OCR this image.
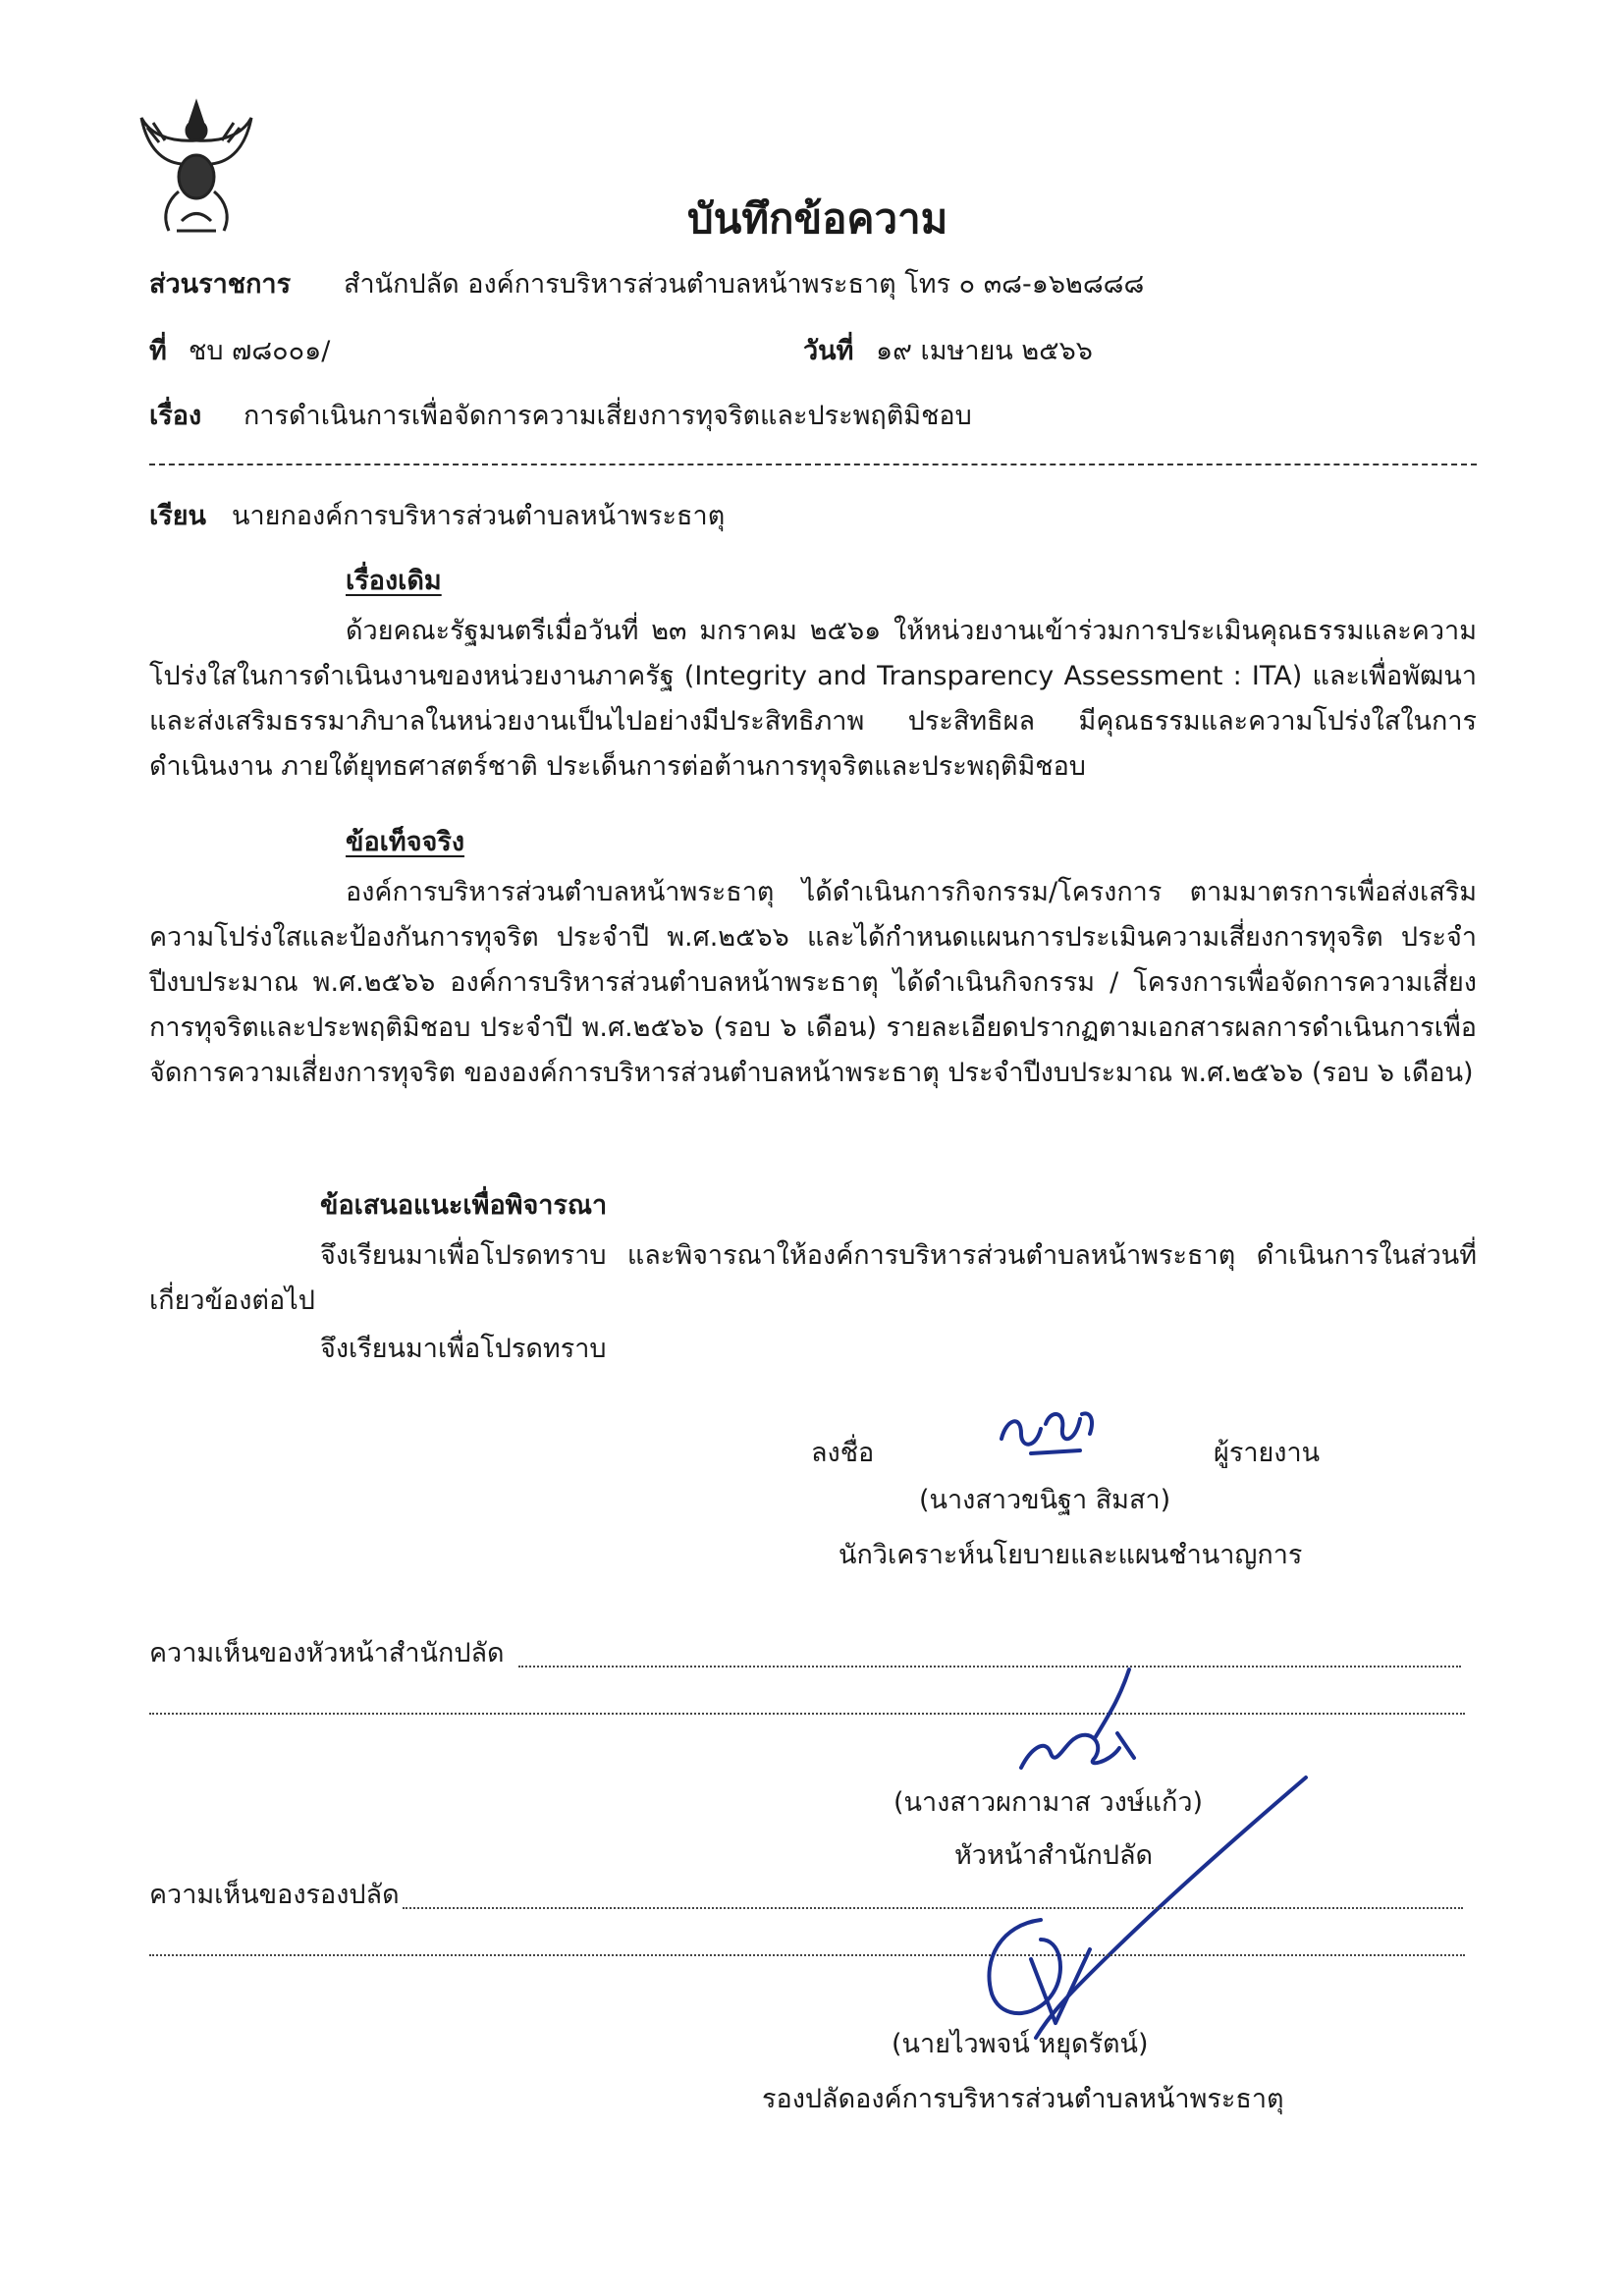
บันทึกข้อความ
ส่วนราชการ สำนักปลัด องค์การบริหารส่วนตำบลหน้าพระธาตุ โทร ๐ ๓๘-๑๖๒๘๘๘
ที่ ชบ ๗๘๐๐๑/	วันที่ ๑๙ เมษายน ๒๕๖๖
เรื่อง การดำเนินการเพื่อจัดการความเสี่ยงการทุจริตและประพฤติมิชอบ
เรียน นายกองค์การบริหารส่วนตำบลหน้าพระธาตุ
เรื่องเดิม

ด้วยคณะรัฐมนตรีเมื่อวันที่ ๒๓ มกราคม ๒๕๖๑ ให้หน่วยงานเข้าร่วมการประเมินคุณธรรมและความโปร่งใสในการดำเนินงานของหน่วยงานภาครัฐ (Integrity and Transparency Assessment : ITA) และเพื่อพัฒนาและส่งเสริมธรรมาภิบาลในหน่วยงานเป็นไปอย่างมีประสิทธิภาพ ประสิทธิผล มีคุณธรรมและความโปร่งใสในการดำเนินงาน ภายใต้ยุทธศาสตร์ชาติ ประเด็นการต่อต้านการทุจริตและประพฤติมิชอบ

ข้อเท็จจริง

องค์การบริหารส่วนตำบลหน้าพระธาตุ ได้ดำเนินการกิจกรรม/โครงการ ตามมาตรการเพื่อส่งเสริมความโปร่งใสและป้องกันการทุจริต ประจำปี พ.ศ.๒๕๖๖ และได้กำหนดแผนการประเมินความเสี่ยงการทุจริต ประจำปีงบประมาณ พ.ศ.๒๕๖๖ องค์การบริหารส่วนตำบลหน้าพระธาตุ ได้ดำเนินกิจกรรม / โครงการเพื่อจัดการความเสี่ยงการทุจริตและประพฤติมิชอบ ประจำปี พ.ศ.๒๕๖๖ (รอบ ๖ เดือน) รายละเอียดปรากฏตามเอกสารผลการดำเนินการเพื่อจัดการความเสี่ยงการทุจริต ขององค์การบริหารส่วนตำบลหน้าพระธาตุ ประจำปีงบประมาณ พ.ศ.๒๕๖๖ (รอบ ๖ เดือน)

ข้อเสนอแนะเพื่อพิจารณา

จึงเรียนมาเพื่อโปรดทราบ และพิจารณาให้องค์การบริหารส่วนตำบลหน้าพระธาตุ ดำเนินการในส่วนที่เกี่ยวข้องต่อไป

จึงเรียนมาเพื่อโปรดทราบ
ลงชื่อ	ผู้รายงาน
(นางสาวขนิฐา สิมสา)
นักวิเคราะห์นโยบายและแผนชำนาญการ
ความเห็นของหัวหน้าสำนักปลัด
(นางสาวผกามาส วงษ์แก้ว)
หัวหน้าสำนักปลัด
ความเห็นของรองปลัด
(นายไวพจน์ หยุดรัตน์)
รองปลัดองค์การบริหารส่วนตำบลหน้าพระธาตุ
